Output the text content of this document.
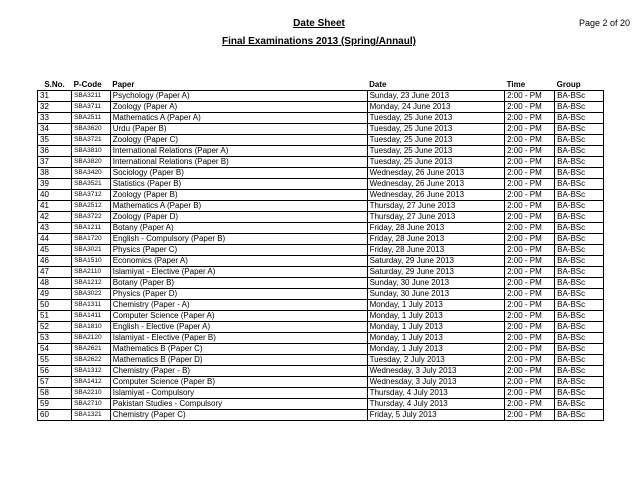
Date Sheet
Final Examinations 2013 (Spring/Annaul)
Page 2 of 20
S.No.	P-Code	Paper	Date	Time	Group
31	SBA3211	Psychology (Paper A)	Sunday, 23 June 2013	2:00 - PM	BA-BSc
32	SBA3711	Zoology (Paper A)	Monday, 24 June 2013	2:00 - PM	BA-BSc
33	SBA2511	Mathematics A (Paper A)	Tuesday, 25 June 2013	2:00 - PM	BA-BSc
34	SBA3620	Urdu (Paper B)	Tuesday, 25 June 2013	2:00 - PM	BA-BSc
35	SBA3721	Zoology (Paper C)	Tuesday, 25 June 2013	2:00 - PM	BA-BSc
36	SBA3810	International Relations (Paper A)	Tuesday, 25 June 2013	2:00 - PM	BA-BSc
37	SBA3820	International Relations (Paper B)	Tuesday, 25 June 2013	2:00 - PM	BA-BSc
38	SBA3420	Sociology (Paper B)	Wednesday, 26 June 2013	2:00 - PM	BA-BSc
39	SBA3521	Statistics (Paper B)	Wednesday, 26 June 2013	2:00 - PM	BA-BSc
40	SBA3712	Zoology (Paper B)	Wednesday, 26 June 2013	2:00 - PM	BA-BSc
41	SBA2512	Mathematics A (Paper B)	Thursday, 27 June 2013	2:00 - PM	BA-BSc
42	SBA3722	Zoology (Paper D)	Thursday, 27 June 2013	2:00 - PM	BA-BSc
43	SBA1211	Botany (Paper A)	Friday, 28 June 2013	2:00 - PM	BA-BSc
44	SBA1720	English - Compulsory (Paper B)	Friday, 28 June 2013	2:00 - PM	BA-BSc
45	SBA3021	Physics (Paper C)	Friday, 28 June 2013	2:00 - PM	BA-BSc
46	SBA1510	Economics (Paper A)	Saturday, 29 June 2013	2:00 - PM	BA-BSc
47	SBA2110	Islamiyat - Elective (Paper A)	Saturday, 29 June 2013	2:00 - PM	BA-BSc
48	SBA1212	Botany (Paper B)	Sunday, 30 June 2013	2:00 - PM	BA-BSc
49	SBA3022	Physics (Paper D)	Sunday, 30 June 2013	2:00 - PM	BA-BSc
50	SBA1311	Chemistry (Paper - A)	Monday, 1 July 2013	2:00 - PM	BA-BSc
51	SBA1411	Computer Science (Paper A)	Monday, 1 July 2013	2:00 - PM	BA-BSc
52	SBA1810	English - Elective (Paper A)	Monday, 1 July 2013	2:00 - PM	BA-BSc
53	SBA2120	Islamiyat - Elective (Paper B)	Monday, 1 July 2013	2:00 - PM	BA-BSc
54	SBA2621	Mathematics B (Paper C)	Monday, 1 July 2013	2:00 - PM	BA-BSc
55	SBA2622	Mathematics B (Paper D)	Tuesday, 2 July 2013	2:00 - PM	BA-BSc
56	SBA1312	Chemistry (Paper - B)	Wednesday, 3 July 2013	2:00 - PM	BA-BSc
57	SBA1412	Computer Science (Paper B)	Wednesday, 3 July 2013	2:00 - PM	BA-BSc
58	SBA2210	Islamiyat - Compulsory	Thursday, 4 July 2013	2:00 - PM	BA-BSc
59	SBA2710	Pakistan Studies - Compulsory	Thursday, 4 July 2013	2:00 - PM	BA-BSc
60	SBA1321	Chemistry (Paper C)	Friday, 5 July 2013	2:00 - PM	BA-BSc
